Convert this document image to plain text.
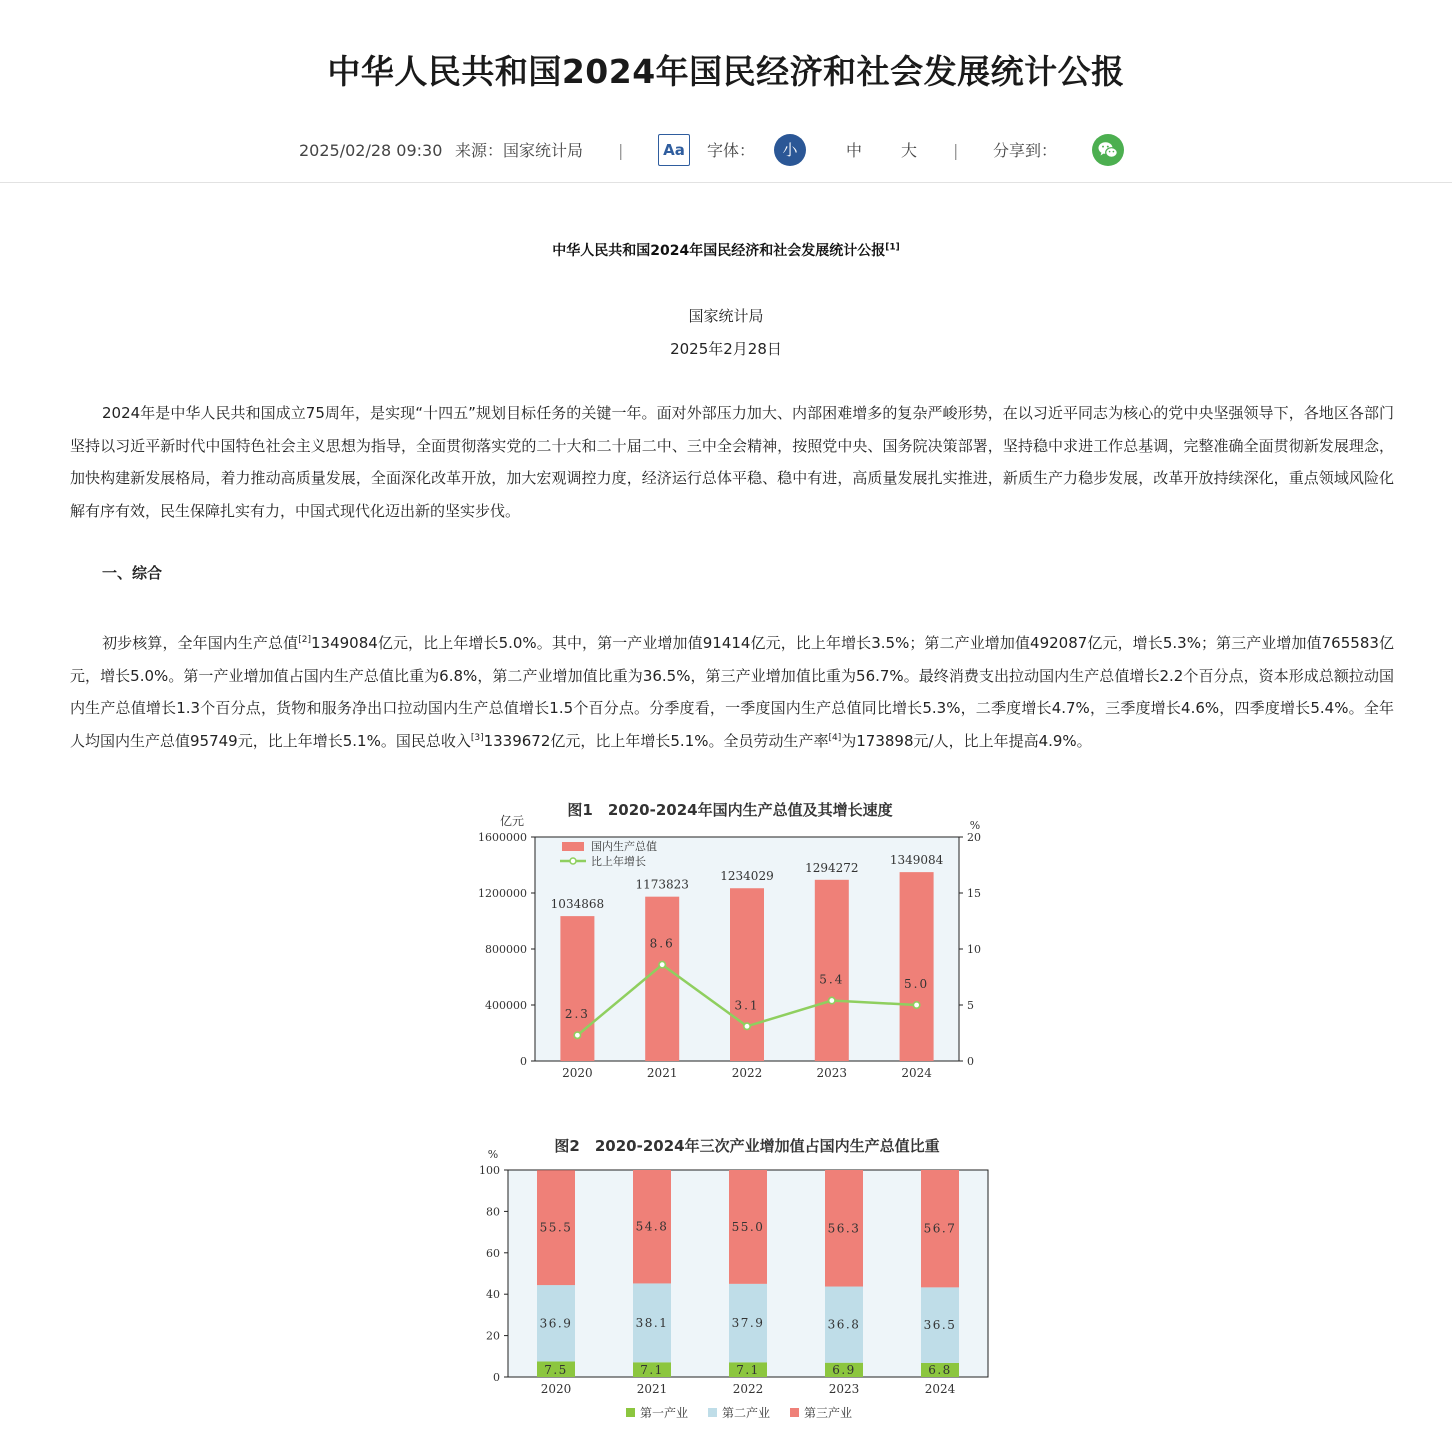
中华人民共和国2024年国民经济和社会发展统计公报
2025/02/28 09:30 来源：国家统计局 |	Aa	字体：	小	中 大 | 分享到：
中华人民共和国2024年国民经济和社会发展统计公报[1]
国家统计局
2025年2月28日
2024年是中华人民共和国成立75周年，是实现“十四五”规划目标任务的关键一年。面对外部压力加大、内部困难增多的复杂严峻形势，在以习近平同志为核心的党中央坚强领导下，各地区各部门坚持以习近平新时代中国特色社会主义思想为指导，全面贯彻落实党的二十大和二十届二中、三中全会精神，按照党中央、国务院决策部署，坚持稳中求进工作总基调，完整准确全面贯彻新发展理念，加快构建新发展格局，着力推动高质量发展，全面深化改革开放，加大宏观调控力度，经济运行总体平稳、稳中有进，高质量发展扎实推进，新质生产力稳步发展，改革开放持续深化，重点领域风险化解有序有效，民生保障扎实有力，中国式现代化迈出新的坚实步伐。
一、综合
初步核算，全年国内生产总值[2]1349084亿元，比上年增长5.0%。其中，第一产业增加值91414亿元，比上年增长3.5%；第二产业增加值492087亿元，增长5.3%；第三产业增加值765583亿元，增长5.0%。第一产业增加值占国内生产总值比重为6.8%，第二产业增加值比重为36.5%，第三产业增加值比重为56.7%。最终消费支出拉动国内生产总值增长2.2个百分点，资本形成总额拉动国内生产总值增长1.3个百分点，货物和服务净出口拉动国内生产总值增长1.5个百分点。分季度看，一季度国内生产总值同比增长5.3%，二季度增长4.7%，三季度增长4.6%，四季度增长5.4%。全年人均国内生产总值95749元，比上年增长5.1%。国民总收入[3]1339672亿元，比上年增长5.1%。全员劳动生产率[4]为173898元/人，比上年提高4.9%。
图1　2020-2024年国内生产总值及其增长速度
0
400000
800000
1200000
1600000
0
5
10
15
20
亿元	%
1034868
2020
1173823
2021
1234029
2022
1294272
2023
1349084
2024
2.3
8.6
3.1
5.4	5.0
国内生产总值
比上年增长
图2　2020-2024年三次产业增加值占国内生产总值比重
%
0
20
40
60
80
100
7.5
36.9
55.5
2020
7.1
38.1
54.8
2021
7.1
37.9
55.0
2022
6.9
36.8
56.3
2023
6.8
36.5
56.7
2024
第一产业	第二产业	第三产业
